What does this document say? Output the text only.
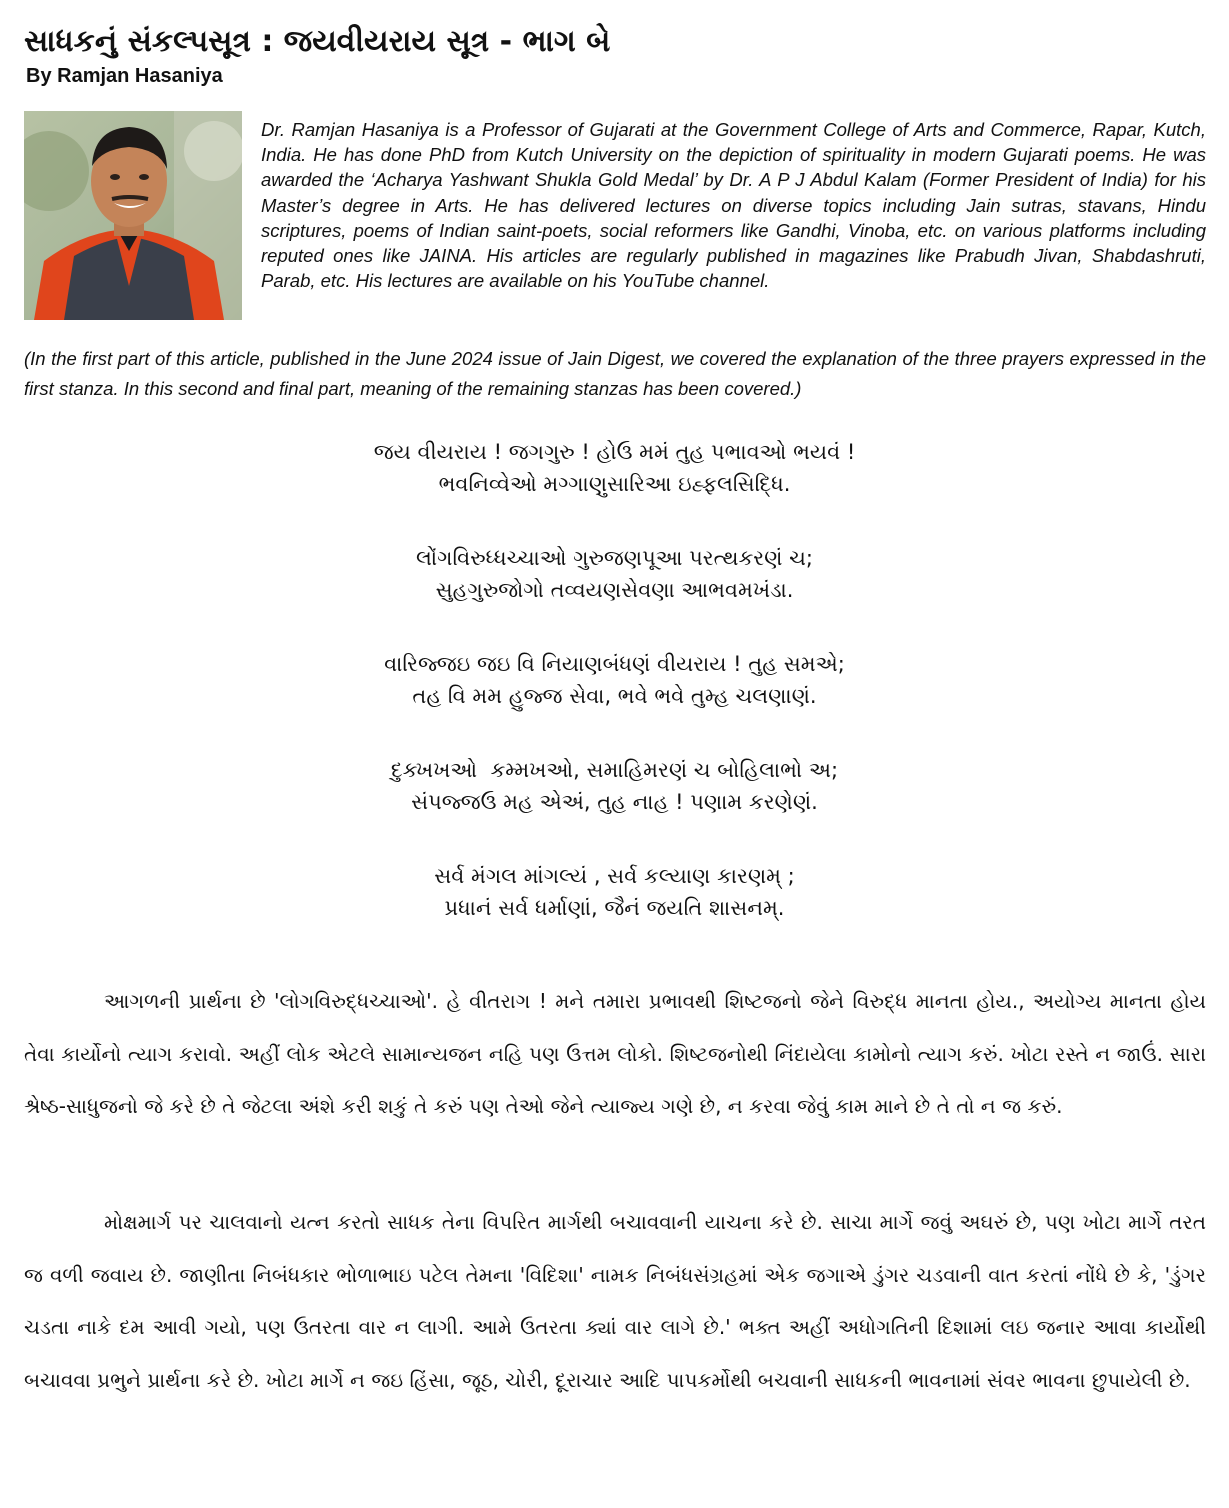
સાધકનું સંકલ્પસૂત્ર : જયવીયરાય સૂત્ર - ભાગ બે

By Ramjan Hasaniya

Dr. Ramjan Hasaniya is a Professor of Gujarati at the Government College of Arts and Commerce, Rapar, Kutch, India. He has done PhD from Kutch University on the depiction of spirituality in modern Gujarati poems. He was awarded the ‘Acharya Yashwant Shukla Gold Medal’ by Dr. A P J Abdul Kalam (Former President of India) for his Master’s degree in Arts. He has delivered lectures on diverse topics including Jain sutras, stavans, Hindu scriptures, poems of Indian saint-poets, social reformers like Gandhi, Vinoba, etc. on various platforms including reputed ones like JAINA. His articles are regularly published in magazines like Prabudh Jivan, Shabdashruti, Parab, etc. His lectures are available on his YouTube channel.

(In the first part of this article, published in the June 2024 issue of Jain Digest, we covered the explanation of the three prayers expressed in the first stanza. In this second and final part, meaning of the remaining stanzas has been covered.)

જય વીયરાય ! જગગુરુ ! હોઉ મમં તુહ પભાવઓ ભયવં !
ભવનિવ્વેઓ મગ્ગાણુસારિઆ ઇહ્ફલસિદ્ધિ.
લોંગવિરુધ્ધચ્ચાઓ ગુરુજણપૂઆ પરત્થકરણં ચ;
સુહગુરુજોગો તવ્વયણસેવણા આભવમખંડા.
વારિજ્જઇ જઇ વિ નિયાણબંધણં વીયરાય ! તુહ સમએ;
તહ વિ મમ હુજ્જ સેવા, ભવે ભવે તુમ્હ ચલણાણં.
દુક્ખખઓ  કમ્મખઓ, સમાહિમરણં ચ બોહિલાભો અ;
સંપજ્જઉ મહ એઅં, તુહ નાહ ! પણામ કરણેણં.
સર્વ મંગલ માંગલ્યં , સર્વ કલ્યાણ કારણમ્ ;
પ્રધાનં સર્વ ધર્માણાં, જૈનં જયતિ શાસનમ્.

આગળની પ્રાર્થના છે 'લોગવિરુદ્ધચ્ચાઓ'. હે વીતરાગ ! મને તમારા પ્રભાવથી શિષ્ટજનો જેને વિરુદ્ધ માનતા હોય., અયોગ્ય માનતા હોય તેવા કાર્યોનો ત્યાગ કરાવો. અહીં લોક એટલે સામાન્યજન નહિ પણ ઉત્તમ લોકો. શિષ્ટજનોથી નિંદાયેલા કામોનો ત્યાગ કરું. ખોટા રસ્તે ન જાઉં. સારા શ્રેષ્ઠ-સાધુજનો જે કરે છે તે જેટલા અંશે કરી શકું તે કરું પણ તેઓ જેને ત્યાજ્ય ગણે છે, ન કરવા જેવું કામ માને છે તે તો ન જ કરું.

મોક્ષમાર્ગ પર ચાલવાનો યત્ન કરતો સાધક તેના વિપરિત માર્ગથી બચાવવાની યાચના કરે છે. સાચા માર્ગે જવું અઘરું છે, પણ ખોટા માર્ગે તરત જ વળી જવાય છે. જાણીતા નિબંધકાર ભોળાભાઇ પટેલ તેમના 'વિદિશા' નામક નિબંધસંગ્રહમાં એક જગાએ ડુંગર ચડવાની વાત કરતાં નોંધે છે કે, 'ડુંગર ચડતા નાકે દમ આવી ગયો, પણ ઉતરતા વાર ન લાગી. આમે ઉતરતા ક્યાં વાર લાગે છે.' ભક્ત અહીં અધોગતિની દિશામાં લઇ જનાર આવા કાર્યોથી બચાવવા પ્રભુને પ્રાર્થના કરે છે. ખોટા માર્ગે ન જઇ હિંસા, જૂઠ, ચોરી, દૂરાચાર આદિ પાપકર્મોથી બચવાની સાધકની ભાવનામાં સંવર ભાવના છુપાયેલી છે.
